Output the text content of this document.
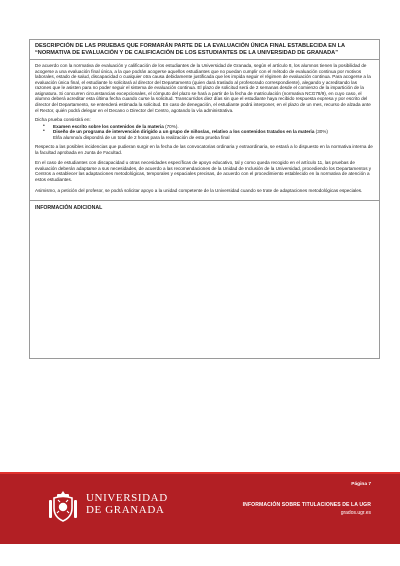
DESCRIPCIÓN DE LAS PRUEBAS QUE FORMARÁN PARTE DE LA EVALUACIÓN ÚNICA FINAL ESTABLECIDA EN LA “NORMATIVA DE EVALUACIÓN Y DE CALIFICACIÓN DE LOS ESTUDIANTES DE LA UNIVERSIDAD DE GRANADA”

De acuerdo con la normativa de evaluación y calificación de los estudiantes de la Universidad de Granada, según el artículo 8, los alumnos tienen la posibilidad de acogerse a una evaluación final única, a la que podrán acogerse aquellos estudiantes que no puedan cumplir con el método de evaluación continua por motivos laborales, estado de salud, discapacidad o cualquier otra causa debidamente justificada que les impida seguir el régimen de evaluación continua. Para acogerse a la evaluación única final, el estudiante lo solicitará al director del Departamento (quien dará traslado al profesorado correspondiente), alegando y acreditando las razones que le asisten para no poder seguir el sistema de evaluación continua. El plazo de solicitud será de 2 semanas desde el comienzo de la impartición de la asignatura. Si concurren circunstancias excepcionales, el cómputo del plazo se hará a partir de la fecha de matriculación (normativa NCG78/9), en cuyo caso, el alumno deberá acreditar esta última fecha cuando curse la solicitud. Transcurridos diez días sin que el estudiante haya recibido respuesta expresa y por escrito del director del Departamento, se entenderá estimada la solicitud. En caso de denegación, el estudiante podrá interponer, en el plazo de un mes, recurso de alzada ante el Rector, quién podrá delegar en el Decano o Director del Centro, agotando la vía administrativa.

Dicha prueba consistirá en:

• Examen escrito sobre los contenidos de la materia (70%).
• Diseño de un programa de intervención dirigido a un grupo de niños/as, relativo a los contenidos tratados en la materia (30%)
El/la alumno/a dispondrá de un total de 2 horas para la realización de esta prueba final

Respecto a las posibles incidencias que pudieran surgir en la fecha de las convocatorias ordinaria y extraordinaria, se estará a lo dispuesto en la normativa interna de la facultad aprobada en Junta de Facultad.

En el caso de estudiantes con discapacidad u otras necesidades específicas de apoyo educativo, tal y como queda recogido en el artículo 11, las pruebas de evaluación deberán adaptarse a sus necesidades, de acuerdo a las recomendaciones de la Unidad de Inclusión de la Universidad, procediendo los Departamentos y Centros a establecer las adaptaciones metodológicas, temporales y espaciales precisas, de acuerdo con el procedimiento establecido en la normativa de atención a estos estudiantes.

Asimismo, a petición del profesor, se podrá solicitar apoyo a la unidad competente de la Universidad cuando se trate de adaptaciones metodológicas especiales.

INFORMACIÓN ADICIONAL
UNIVERSIDAD
DE GRANADA
Página 7
INFORMACIÓN SOBRE TITULACIONES DE LA UGR
grados.ugr.es
